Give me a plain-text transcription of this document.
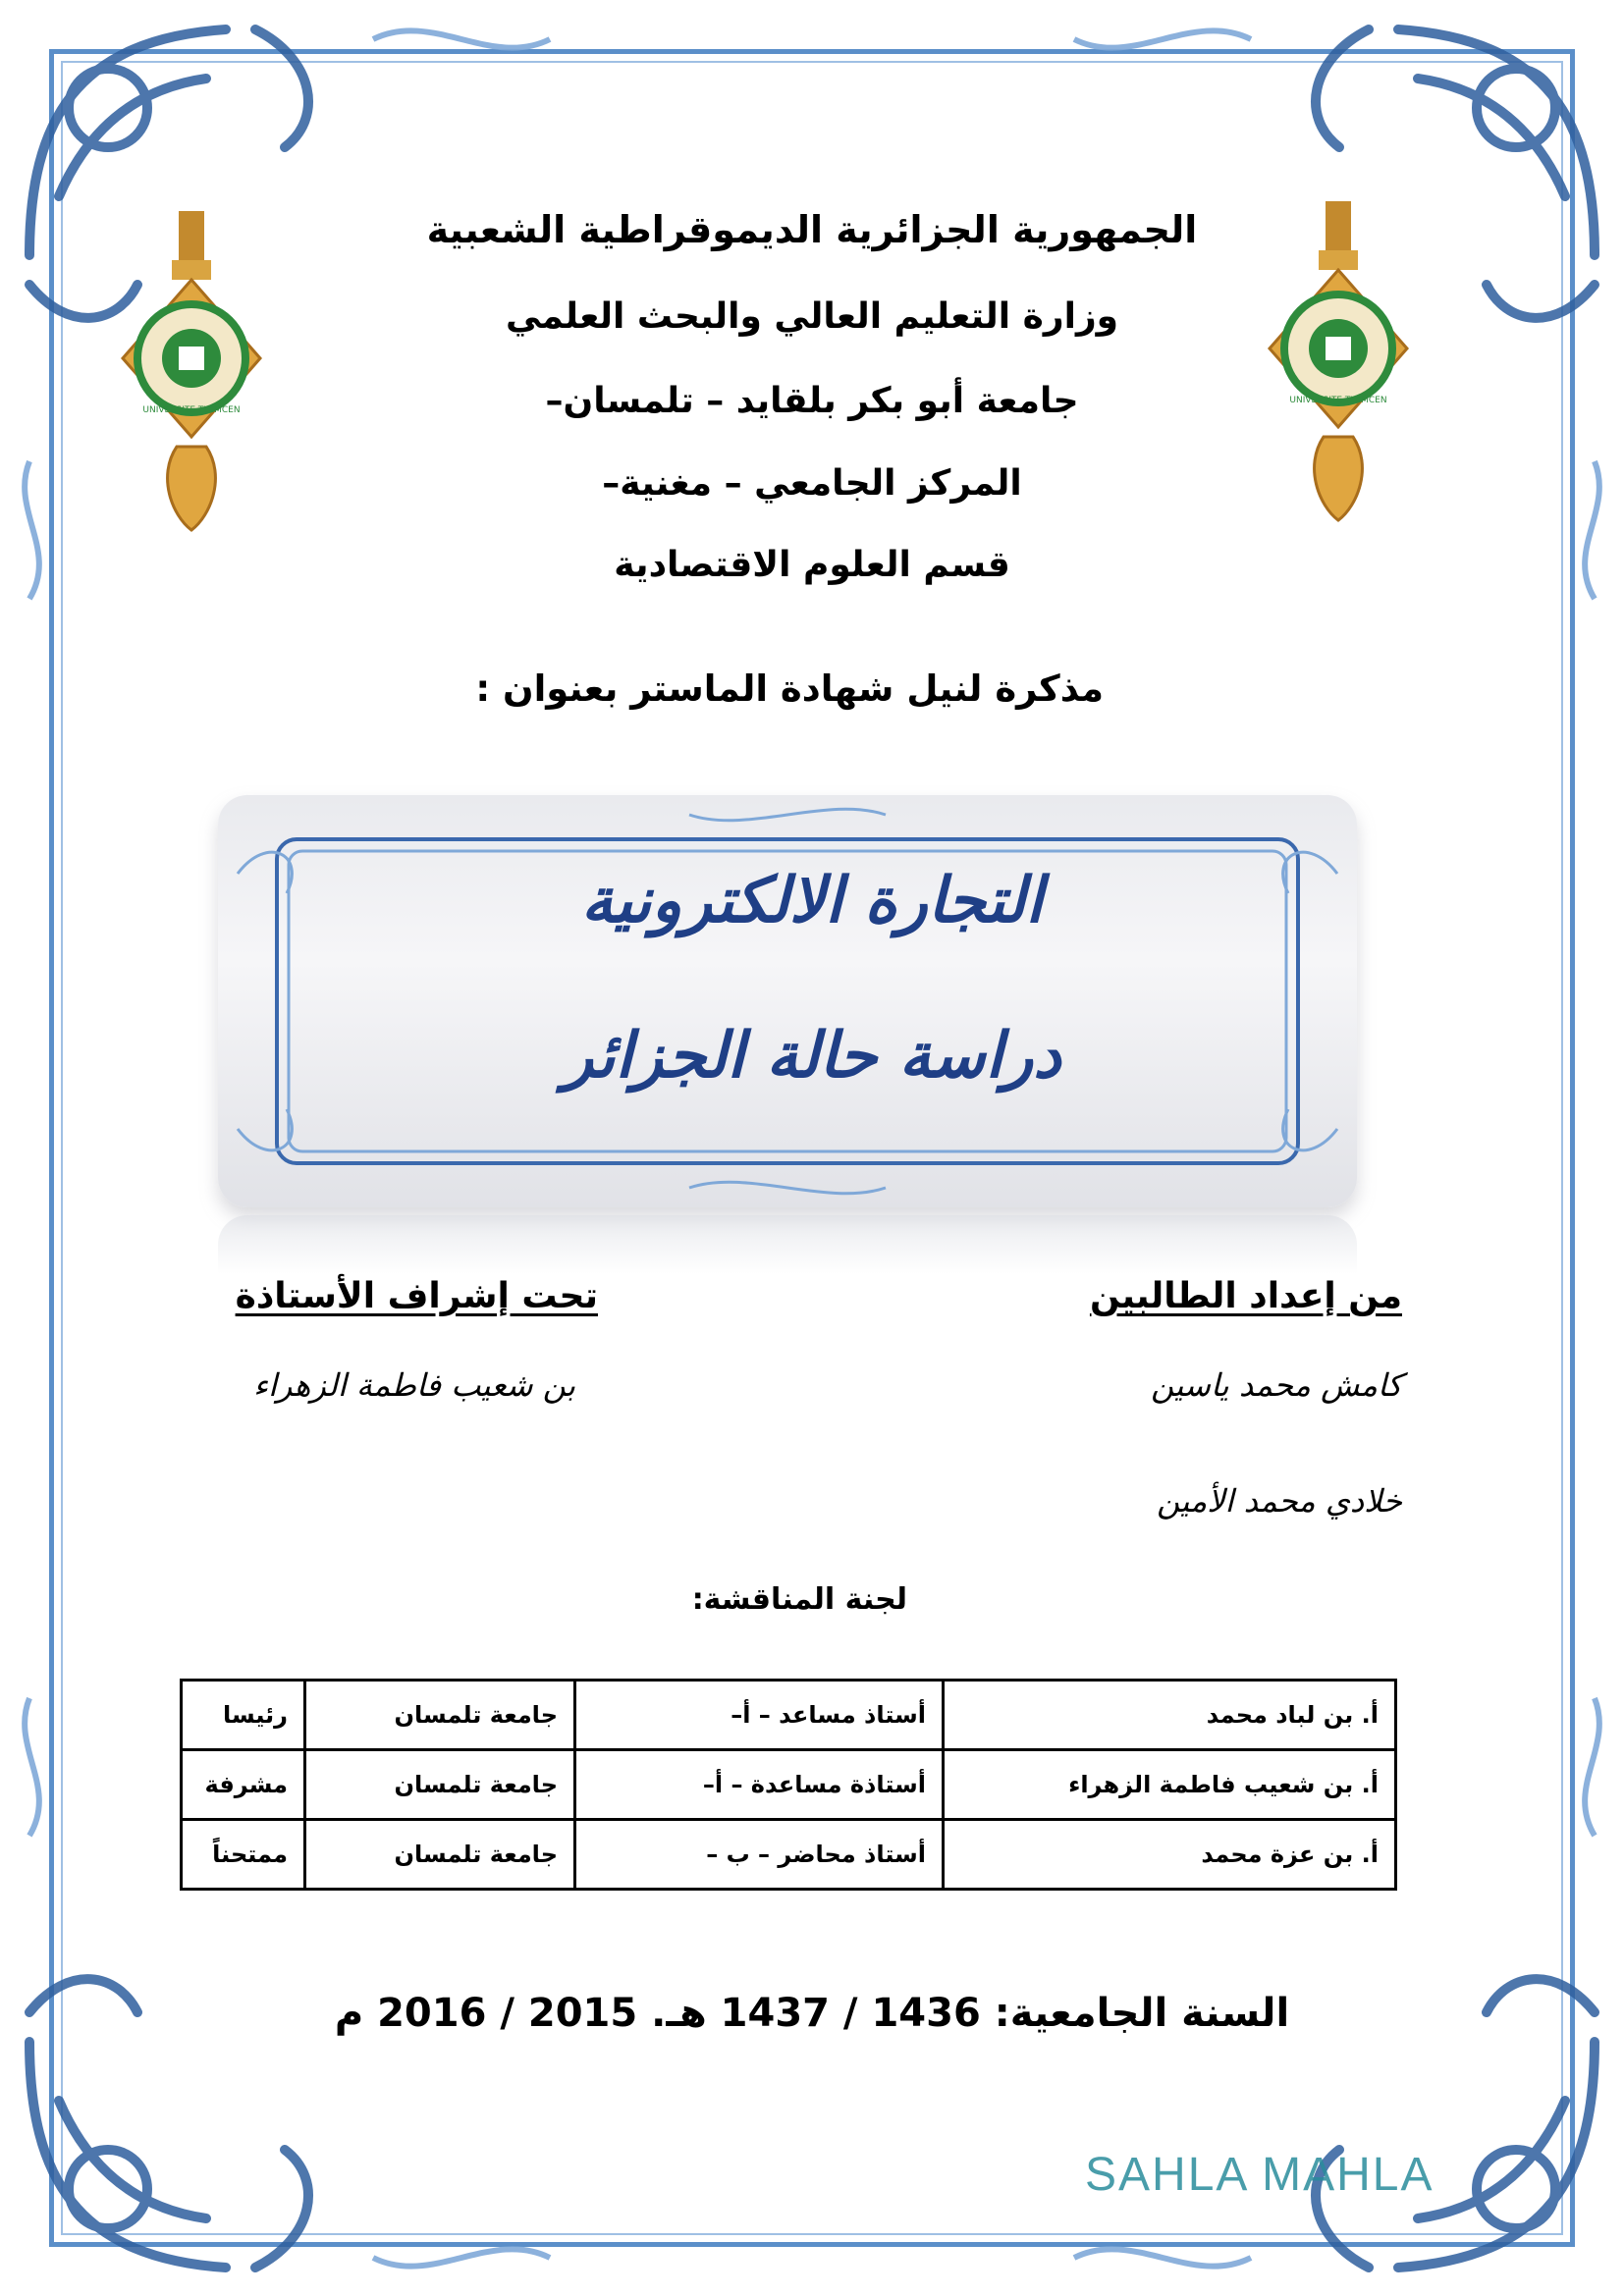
UNIVERSITE TLEMCEN
UNIVERSITE TLEMCEN
الجمهورية الجزائرية الديموقراطية الشعبية
وزارة التعليم العالي والبحث العلمي
جامعة أبو بكر بلقايد – تلمسان–
المركز الجامعي – مغنية–
قسم العلوم الاقتصادية
مذكرة لنيل شهادة الماستر بعنوان :
التجارة الالكترونية
دراسة حالة الجزائر
من إعداد الطالبين
تحت إشراف الأستاذة
كامش محمد ياسين
بن شعيب فاطمة الزهراء
خلادي محمد الأمين
لجنة المناقشة:
أ. بن لباد محمد	أستاذ مساعد – أ–	جامعة تلمسان	رئيسا
أ. بن شعيب فاطمة الزهراء	أستاذة مساعدة – أ–	جامعة تلمسان	مشرفة
أ. بن عزة محمد	أستاذ محاضر – ب –	جامعة تلمسان	ممتحناً
السنة الجامعية: 1436 / 1437 هـ. 2015 / 2016 م
SAHLA MAHLA
